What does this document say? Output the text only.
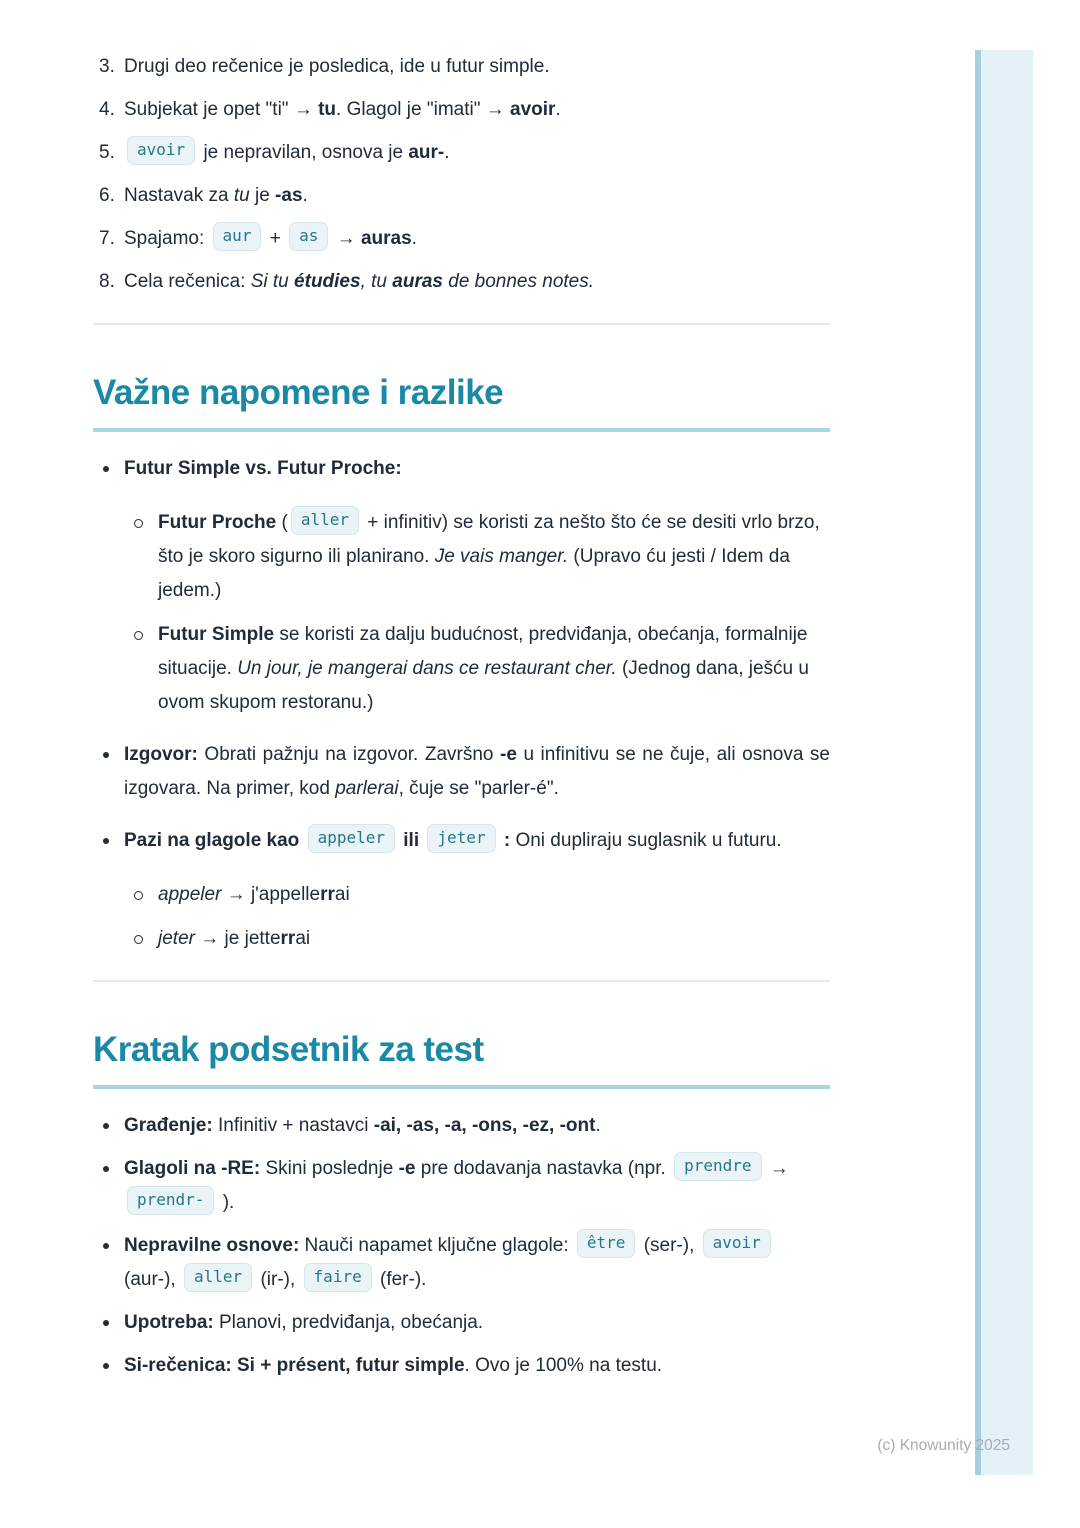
3. Drugi deo rečenice je posledica, ide u futur simple.

4. Subjekat je opet "ti" → tu. Glagol je "imati" → avoir.

5.	avoir je nepravilan, osnova je aur-.

6. Nastavak za tu je -as.

7. Spajamo: aur + as → auras.

8. Cela rečenica: Si tu étudies, tu auras de bonnes notes.

Važne napomene i razlike

Futur Simple vs. Futur Proche:

Futur Proche ( aller + infinitiv) se koristi za nešto što će se desiti vrlo brzo, što je skoro sigurno ili planirano. Je vais manger. (Upravo ću jesti / Idem da jedem.)

Futur Simple se koristi za dalju budućnost, predviđanja, obećanja, formalnije situacije. Un jour, je mangerai dans ce restaurant cher. (Jednog dana, ješću u ovom skupom restoranu.)

Izgovor: Obrati pažnju na izgovor. Završno -e u infinitivu se ne čuje, ali osnova se izgovara. Na primer, kod parlerai, čuje se "parler-é".

Pazi na glagole kao appeler ili jeter : Oni dupliraju suglasnik u futuru.

appeler → j'appellerrai

jeter → je jetterrai

Kratak podsetnik za test

Građenje: Infinitiv + nastavci -ai, -as, -a, -ons, -ez, -ont.

Glagoli na -RE: Skini poslednje -e pre dodavanja nastavka (npr. prendre → prendr- ).

Nepravilne osnove: Nauči napamet ključne glagole: être (ser-), avoir (aur-), aller (ir-), faire (fer-).

Upotreba: Planovi, predviđanja, obećanja.

Si-rečenica: Si + présent, futur simple. Ovo je 100% na testu.

(c) Knowunity 2025
